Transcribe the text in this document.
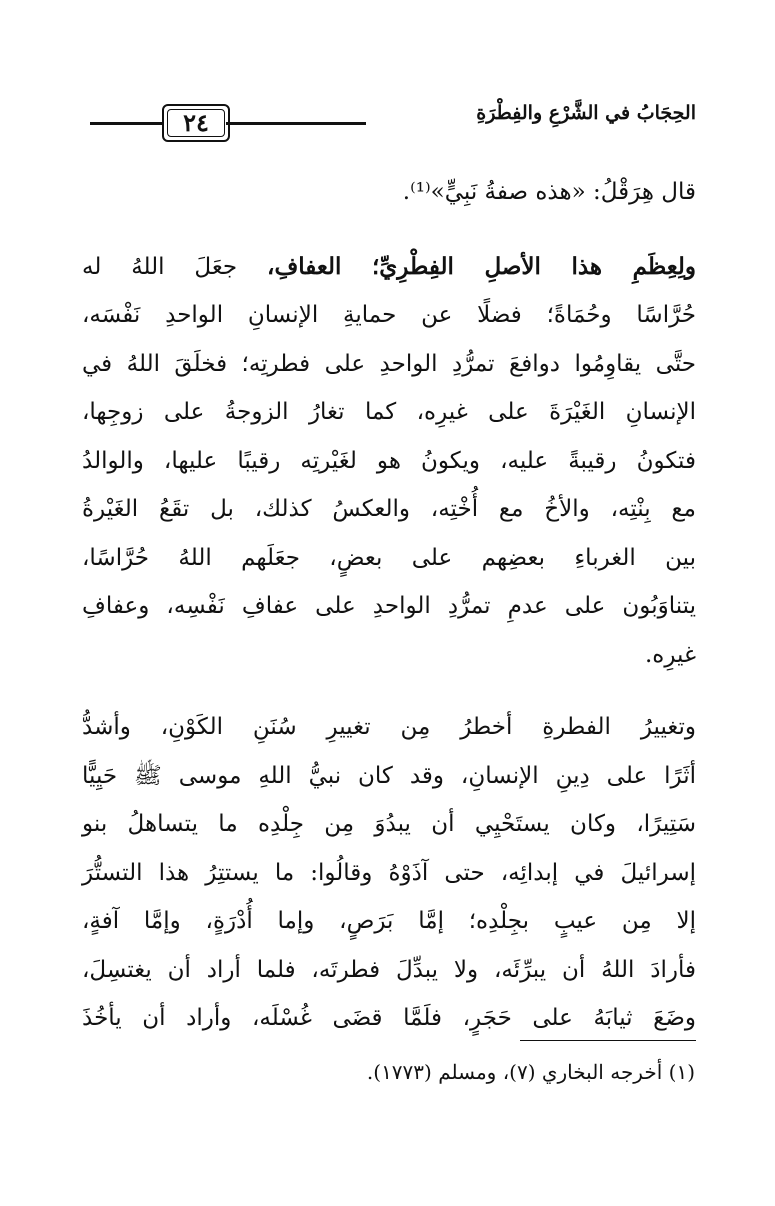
٢٤	الحِجَابُ في الشَّرْعِ والفِطْرَةِ

قال هِرَقْلُ: «هذه صفةُ نَبِيٍّ»⁽¹⁾.

ولِعِظَمِ هذا الأصلِ الفِطْرِيِّ؛ العفافِ، جعَلَ اللهُ له
حُرَّاسًا وحُمَاةً؛ فضلًا عن حمايةِ الإنسانِ الواحدِ نَفْسَه،
حتَّى يقاوِمُوا دوافعَ تمرُّدِ الواحدِ على فطرتِه؛ فخلَقَ اللهُ في
الإنسانِ الغَيْرَةَ على غيرِه، كما تغارُ الزوجةُ على زوجِها،
فتكونُ رقيبةً عليه، ويكونُ هو لغَيْرتِه رقيبًا عليها، والوالدُ
مع بِنْتِه، والأخُ مع أُخْتِه، والعكسُ كذلك، بل تقَعُ الغَيْرةُ
بين الغرباءِ بعضِهم على بعضٍ، جعَلَهم اللهُ حُرَّاسًا،
يتناوَبُون على عدمِ تمرُّدِ الواحدِ على عفافِ نَفْسِه، وعفافِ
غيرِه.

وتغييرُ الفطرةِ أخطرُ مِن تغييرِ سُنَنِ الكَوْنِ، وأشدُّ
أثَرًا على دِينِ الإنسانِ، وقد كان نبيُّ اللهِ موسى ﷺ حَيِيًّا
سَتِيرًا، وكان يستَحْيِي أن يبدُوَ مِن جِلْدِه ما يتساهلُ بنو
إسرائيلَ في إبدائِه، حتى آذَوْهُ وقالُوا: ما يستتِرُ هذا التستُّرَ
إلا مِن عيبٍ بجِلْدِه؛ إمَّا بَرَصٍ، وإما أُدْرَةٍ، وإمَّا آفةٍ،
فأرادَ اللهُ أن يبرِّئَه، ولا يبدِّلَ فطرتَه، فلما أراد أن يغتسِلَ،
وضَعَ ثيابَهُ على حَجَرٍ، فلَمَّا قضَى غُسْلَه، وأراد أن يأخُذَ

(١) أخرجه البخاري (٧)، ومسلم (١٧٧٣).
